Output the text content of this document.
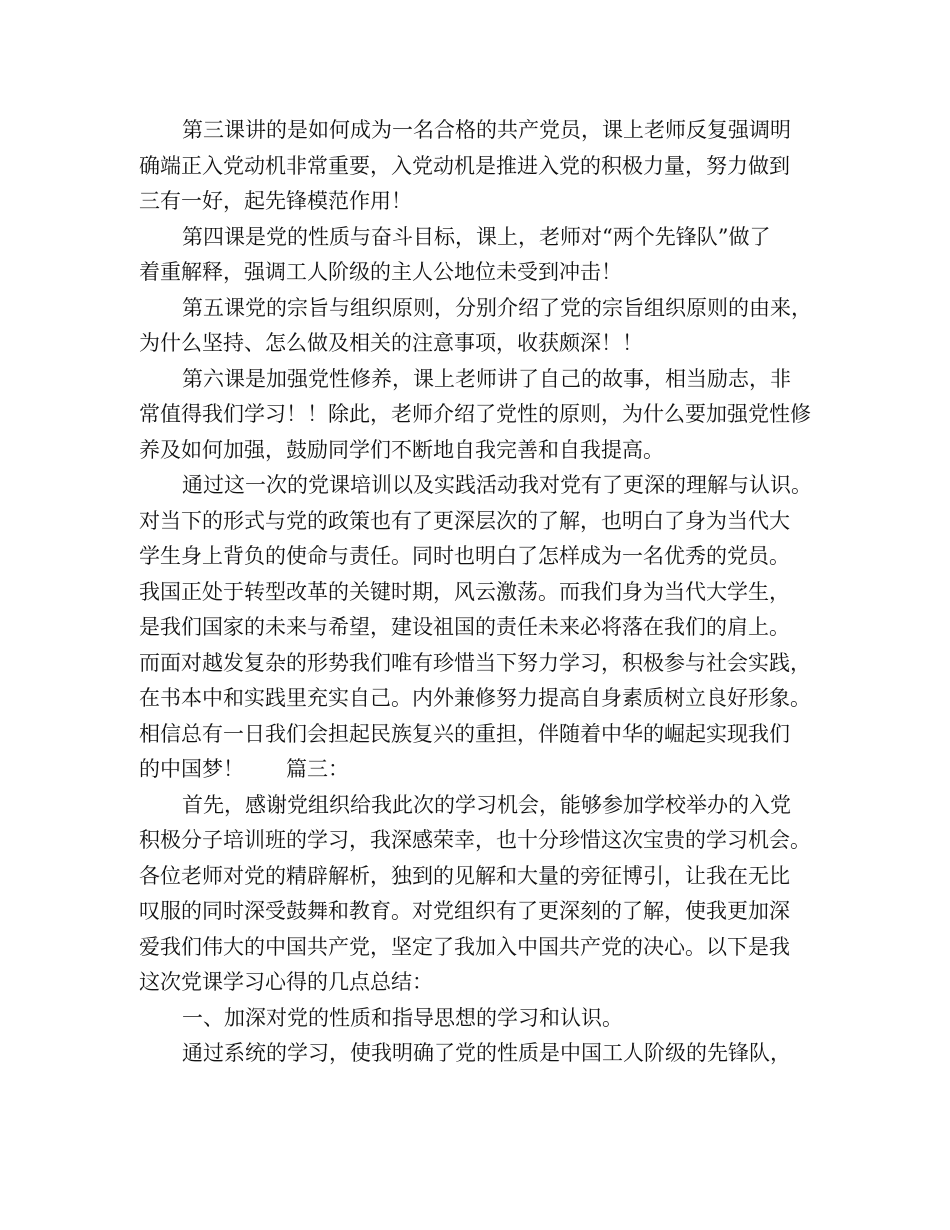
第三课讲的是如何成为一名合格的共产党员，课上老师反复强调明
确端正入党动机非常重要，入党动机是推进入党的积极力量，努力做到
三有一好，起先锋模范作用！
第四课是党的性质与奋斗目标，课上，老师对“两个先锋队”做了
着重解释，强调工人阶级的主人公地位未受到冲击！
第五课党的宗旨与组织原则，分别介绍了党的宗旨组织原则的由来，
为什么坚持、怎么做及相关的注意事项，收获颇深！！
第六课是加强党性修养，课上老师讲了自己的故事，相当励志，非
常值得我们学习！！除此，老师介绍了党性的原则，为什么要加强党性修
养及如何加强，鼓励同学们不断地自我完善和自我提高。
通过这一次的党课培训以及实践活动我对党有了更深的理解与认识。
对当下的形式与党的政策也有了更深层次的了解，也明白了身为当代大
学生身上背负的使命与责任。同时也明白了怎样成为一名优秀的党员。
我国正处于转型改革的关键时期，风云激荡。而我们身为当代大学生，
是我们国家的未来与希望，建设祖国的责任未来必将落在我们的肩上。
而面对越发复杂的形势我们唯有珍惜当下努力学习，积极参与社会实践，
在书本中和实践里充实自己。内外兼修努力提高自身素质树立良好形象。
相信总有一日我们会担起民族复兴的重担，伴随着中华的崛起实现我们
的中国梦！　　篇三：
首先，感谢党组织给我此次的学习机会，能够参加学校举办的入党
积极分子培训班的学习，我深感荣幸，也十分珍惜这次宝贵的学习机会。
各位老师对党的精辟解析，独到的见解和大量的旁征博引，让我在无比
叹服的同时深受鼓舞和教育。对党组织有了更深刻的了解，使我更加深
爱我们伟大的中国共产党，坚定了我加入中国共产党的决心。以下是我
这次党课学习心得的几点总结：
一、加深对党的性质和指导思想的学习和认识。
通过系统的学习，使我明确了党的性质是中国工人阶级的先锋队，
